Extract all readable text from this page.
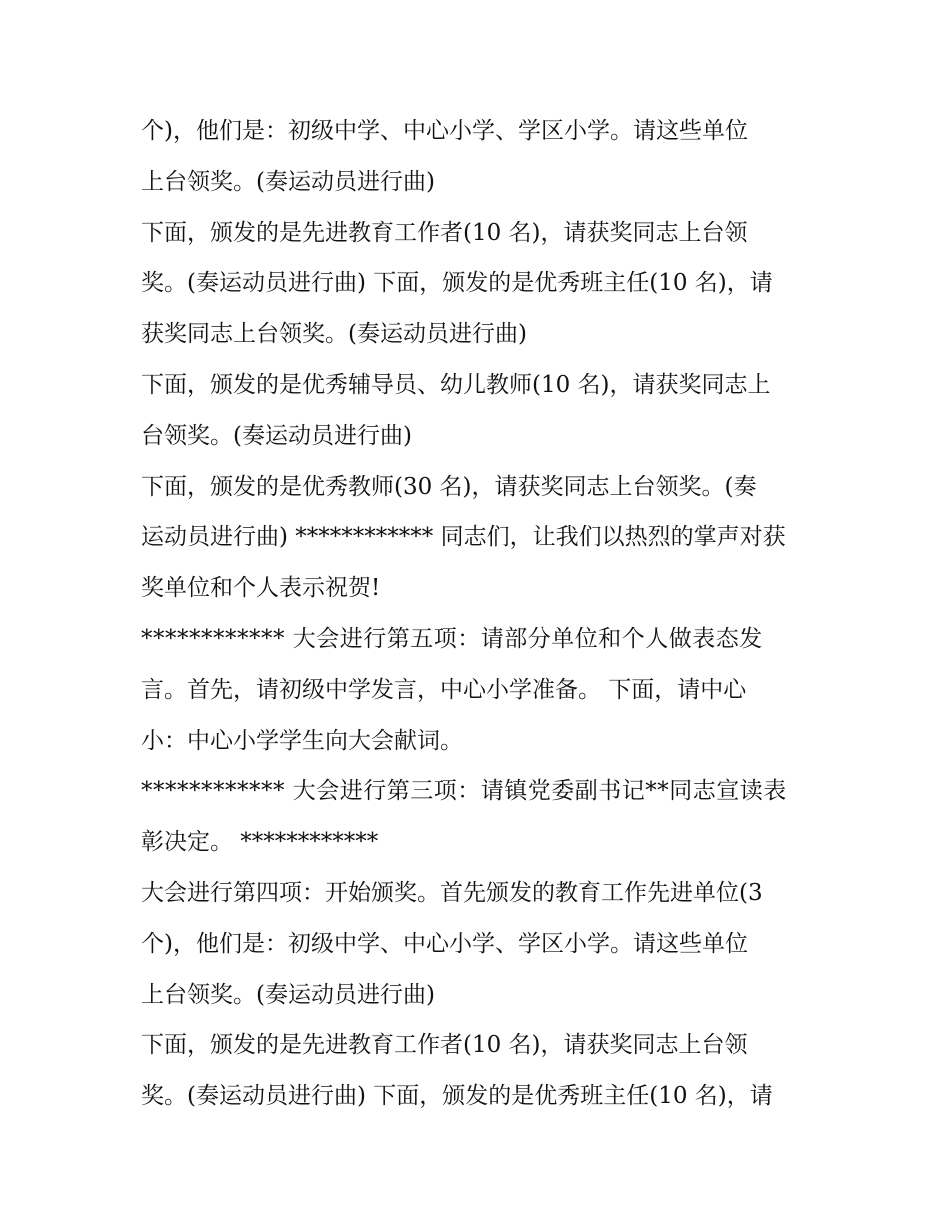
个)，他们是：初级中学、中心小学、学区小学。请这些单位
上台领奖。(奏运动员进行曲)
下面，颁发的是先进教育工作者(10 名)，请获奖同志上台领
奖。(奏运动员进行曲) 下面，颁发的是优秀班主任(10 名)，请
获奖同志上台领奖。(奏运动员进行曲)
下面，颁发的是优秀辅导员、幼儿教师(10 名)，请获奖同志上
台领奖。(奏运动员进行曲)
下面，颁发的是优秀教师(30 名)，请获奖同志上台领奖。(奏
运动员进行曲) ************ 同志们，让我们以热烈的掌声对获
奖单位和个人表示祝贺!
************ 大会进行第五项：请部分单位和个人做表态发
言。首先，请初级中学发言，中心小学准备。 下面，请中心
小：中心小学学生向大会献词。
************ 大会进行第三项：请镇党委副书记**同志宣读表
彰决定。 ************
大会进行第四项：开始颁奖。首先颁发的教育工作先进单位(3
个)，他们是：初级中学、中心小学、学区小学。请这些单位
上台领奖。(奏运动员进行曲)
下面，颁发的是先进教育工作者(10 名)，请获奖同志上台领
奖。(奏运动员进行曲) 下面，颁发的是优秀班主任(10 名)，请
